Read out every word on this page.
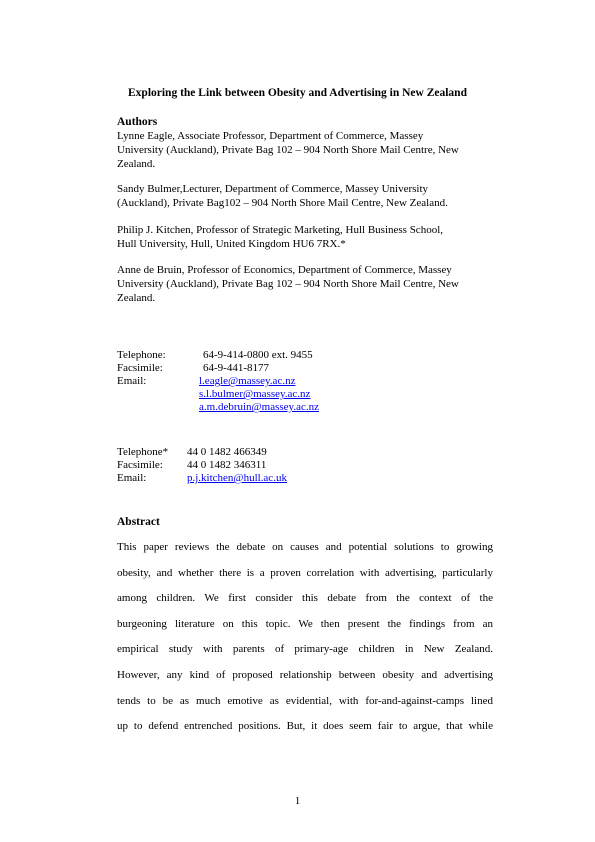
Exploring the Link between Obesity and Advertising in New Zealand
Authors
Lynne Eagle, Associate Professor, Department of Commerce, Massey
University (Auckland), Private Bag 102 – 904 North Shore Mail Centre, New
Zealand.
Sandy Bulmer,Lecturer, Department of Commerce, Massey University
(Auckland), Private Bag102 – 904 North Shore Mail Centre, New Zealand.
Philip J. Kitchen, Professor of Strategic Marketing, Hull Business School,
Hull University, Hull, United Kingdom HU6 7RX.*
Anne de Bruin, Professor of Economics, Department of Commerce, Massey
University (Auckland), Private Bag 102 – 904 North Shore Mail Centre, New
Zealand.
Telephone:	64-9-414-0800 ext. 9455
Facsimile:	64-9-441-8177
Email:	l.eagle@massey.ac.nz
s.l.bulmer@massey.ac.nz
a.m.debruin@massey.ac.nz
Telephone* 44 0 1482 466349
Facsimile: 44 0 1482 346311
Email:	p.j.kitchen@hull.ac.uk
Abstract
This paper reviews the debate on causes and potential solutions to growing
obesity, and whether there is a proven correlation with advertising, particularly
among children. We first consider this debate from the context of the
burgeoning literature on this topic. We then present the findings from an
empirical study with parents of primary-age children in New Zealand.
However, any kind of proposed relationship between obesity and advertising
tends to be as much emotive as evidential, with for-and-against-camps lined
up to defend entrenched positions. But, it does seem fair to argue, that while
1
